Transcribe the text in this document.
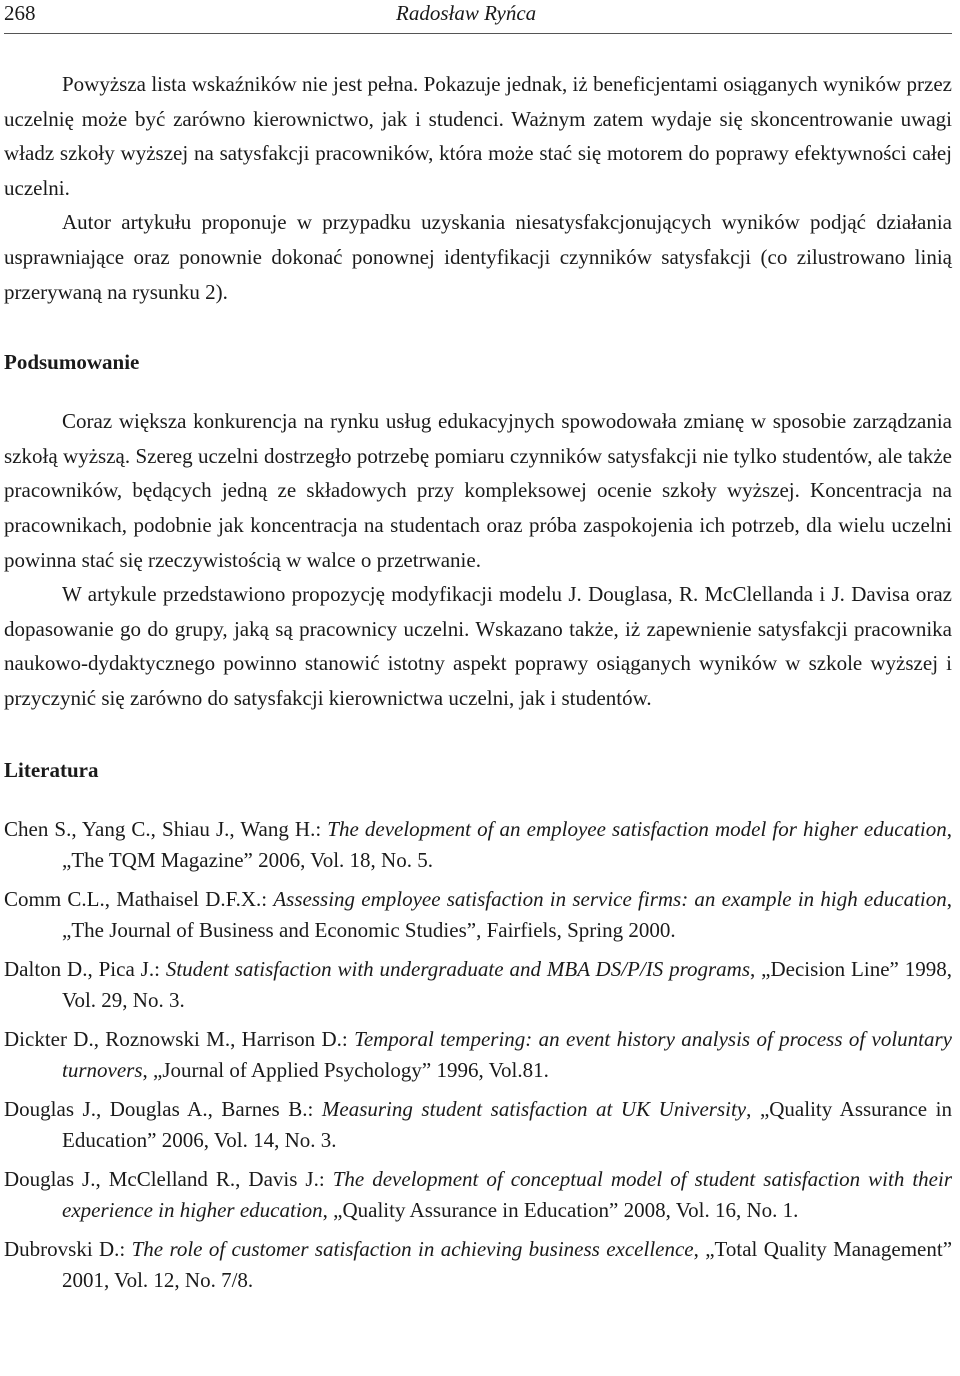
268	Radosław Ryńca

Powyższa lista wskaźników nie jest pełna. Pokazuje jednak, iż beneficjentami osiąganych wyników przez uczelnię może być zarówno kierownictwo, jak i studenci. Ważnym zatem wydaje się skoncentrowanie uwagi władz szkoły wyższej na satysfakcji pracowników, która może stać się motorem do poprawy efektywności całej uczelni.

Autor artykułu proponuje w przypadku uzyskania niesatysfakcjonujących wyników podjąć działania usprawniające oraz ponownie dokonać ponownej identyfikacji czynników satysfakcji (co zilustrowano linią przerywaną na rysunku 2).

Podsumowanie

Coraz większa konkurencja na rynku usług edukacyjnych spowodowała zmianę w sposobie zarządzania szkołą wyższą. Szereg uczelni dostrzegło potrzebę pomiaru czynników satysfakcji nie tylko studentów, ale także pracowników, będących jedną ze składowych przy kompleksowej ocenie szkoły wyższej. Koncentracja na pracownikach, podobnie jak koncentracja na studentach oraz próba zaspokojenia ich potrzeb, dla wielu uczelni powinna stać się rzeczywistością w walce o przetrwanie.

W artykule przedstawiono propozycję modyfikacji modelu J. Douglasa, R. McClellanda i J. Davisa oraz dopasowanie go do grupy, jaką są pracownicy uczelni. Wskazano także, iż zapewnienie satysfakcji pracownika naukowo-dydaktycznego powinno stanowić istotny aspekt poprawy osiąganych wyników w szkole wyższej i przyczynić się zarówno do satysfakcji kierownictwa uczelni, jak i studentów.

Literatura
Chen S., Yang C., Shiau J., Wang H.: The development of an employee satisfaction model for higher education, „The TQM Magazine” 2006, Vol. 18, No. 5.
Comm C.L., Mathaisel D.F.X.: Assessing employee satisfaction in service firms: an example in high education, „The Journal of Business and Economic Studies”, Fairfiels, Spring 2000.
Dalton D., Pica J.: Student satisfaction with undergraduate and MBA DS/P/IS programs, „Decision Line” 1998, Vol. 29, No. 3.
Dickter D., Roznowski M., Harrison D.: Temporal tempering: an event history analysis of process of voluntary turnovers, „Journal of Applied Psychology” 1996, Vol.81.
Douglas J., Douglas A., Barnes B.: Measuring student satisfaction at UK University, „Quality Assurance in Education” 2006, Vol. 14, No. 3.
Douglas J., McClelland R., Davis J.: The development of conceptual model of student satisfaction with their experience in higher education, „Quality Assurance in Education” 2008, Vol. 16, No. 1.
Dubrovski D.: The role of customer satisfaction in achieving business excellence, „Total Quality Management” 2001, Vol. 12, No. 7/8.
